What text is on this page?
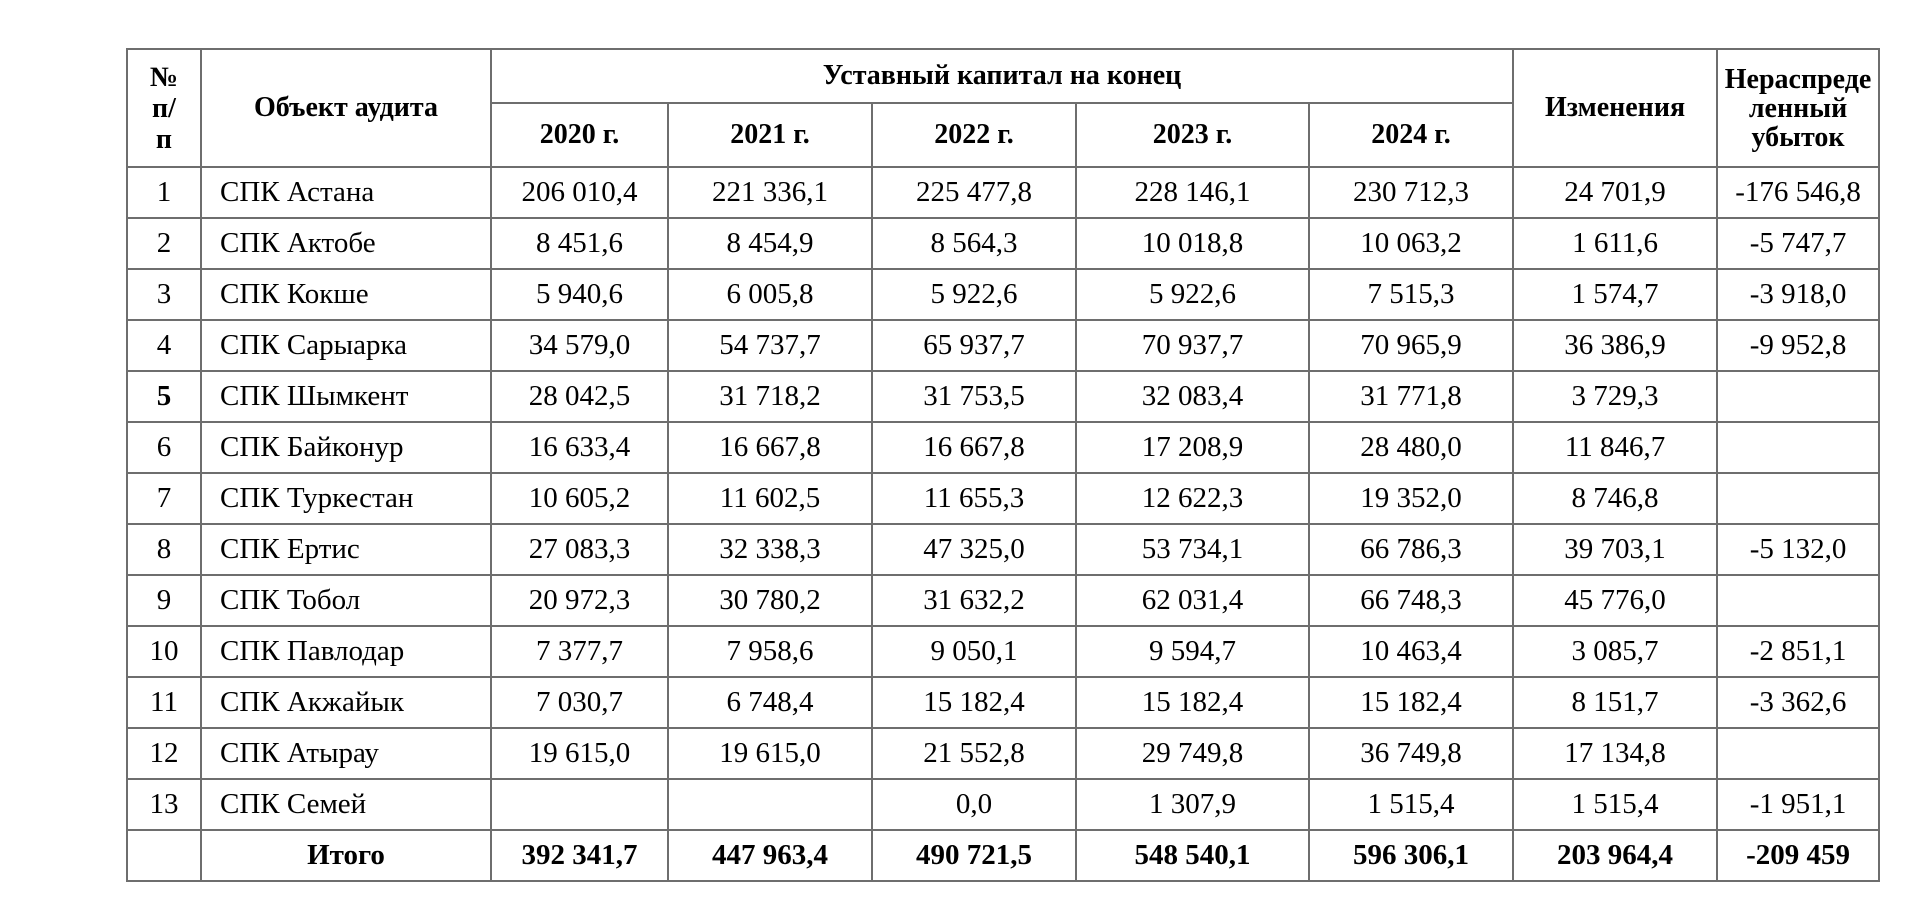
№
п/
п	Объект аудита	Уставный капитал на конец					Изменения	Нераспреде
ленный
убыток
		2020 г.	2021 г.	2022 г.	2023 г.	2024 г.		
1	СПК Астана	206 010,4	221 336,1	225 477,8	228 146,1	230 712,3	24 701,9	-176 546,8
2	СПК Актобе	8 451,6	8 454,9	8 564,3	10 018,8	10 063,2	1 611,6	-5 747,7
3	СПК Кокше	5 940,6	6 005,8	5 922,6	5 922,6	7 515,3	1 574,7	-3 918,0
4	СПК Сарыарка	34 579,0	54 737,7	65 937,7	70 937,7	70 965,9	36 386,9	-9 952,8
5	СПК Шымкент	28 042,5	31 718,2	31 753,5	32 083,4	31 771,8	3 729,3	
6	СПК Байконур	16 633,4	16 667,8	16 667,8	17 208,9	28 480,0	11 846,7	
7	СПК Туркестан	10 605,2	11 602,5	11 655,3	12 622,3	19 352,0	8 746,8	
8	СПК Ертис	27 083,3	32 338,3	47 325,0	53 734,1	66 786,3	39 703,1	-5 132,0
9	СПК Тобол	20 972,3	30 780,2	31 632,2	62 031,4	66 748,3	45 776,0	
10	СПК Павлодар	7 377,7	7 958,6	9 050,1	9 594,7	10 463,4	3 085,7	-2 851,1
11	СПК Акжайык	7 030,7	6 748,4	15 182,4	15 182,4	15 182,4	8 151,7	-3 362,6
12	СПК Атырау	19 615,0	19 615,0	21 552,8	29 749,8	36 749,8	17 134,8	
13	СПК Семей			0,0	1 307,9	1 515,4	1 515,4	-1 951,1
	Итого	392 341,7	447 963,4	490 721,5	548 540,1	596 306,1	203 964,4	-209 459
